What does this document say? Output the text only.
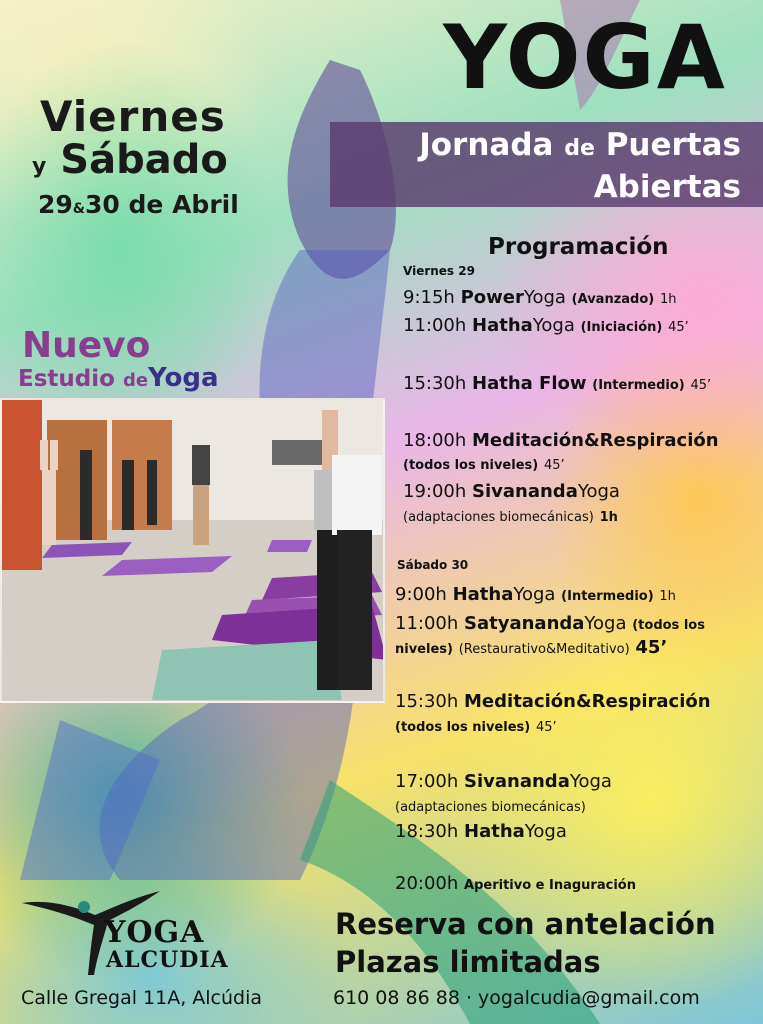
YOGA
Viernes
y Sábado
29&30 de Abril
Jornada de Puertas
Abiertas
Nuevo
Estudio deYoga
Programación
Viernes 29
9:15h PowerYoga (Avanzado) 1h
11:00h HathaYoga (Iniciación) 45’
15:30h Hatha Flow (Intermedio) 45’
18:00h Meditación&Respiración
(todos los niveles) 45’
19:00h SivanandaYoga
(adaptaciones biomecánicas) 1h
Sábado 30
9:00h HathaYoga (Intermedio) 1h
11:00h SatyanandaYoga (todos los
niveles) (Restaurativo&Meditativo) 45’
15:30h Meditación&Respiración
(todos los niveles) 45’
17:00h SivanandaYoga
(adaptaciones biomecánicas)
18:30h HathaYoga
20:00h Aperitivo e Inaguración
Reserva con antelación
Plazas limitadas
610 08 86 88 · yogalcudia@gmail.com
Calle Gregal 11A, Alcúdia
YOGA
ALCUDIA
